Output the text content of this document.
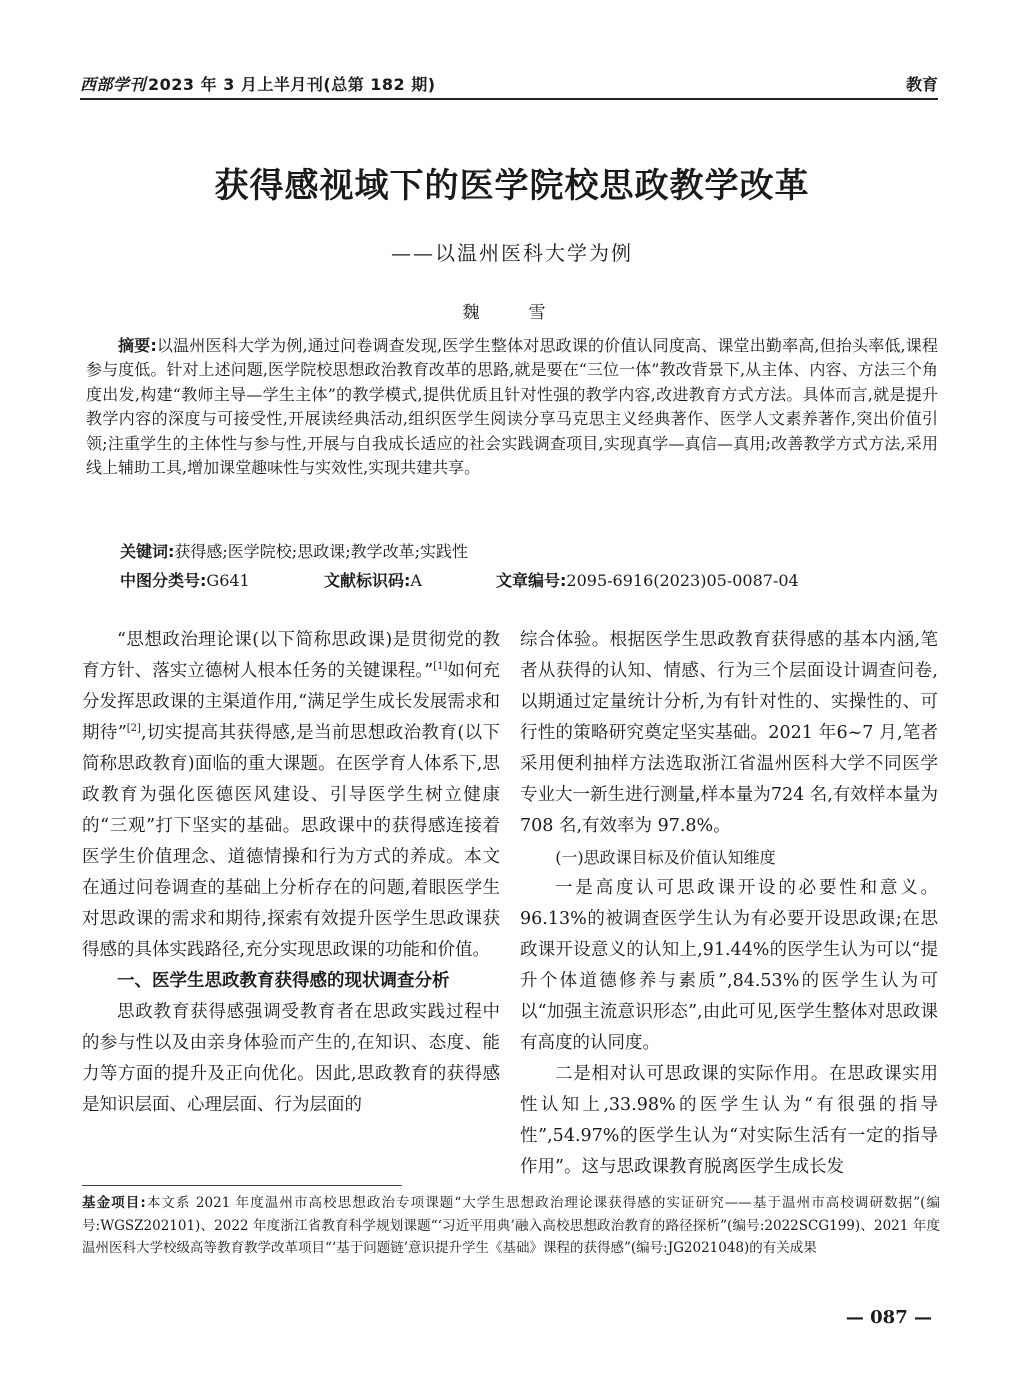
西部学刊 2023 年 3 月上半月刊(总第 182 期)	教育
获得感视域下的医学院校思政教学改革
——以温州医科大学为例
魏　雪

摘要:以温州医科大学为例,通过问卷调查发现,医学生整体对思政课的价值认同度高、课堂出勤率高,但抬头率低,课程参与度低。针对上述问题,医学院校思想政治教育改革的思路,就是要在“三位一体”教改背景下,从主体、内容、方法三个角度出发,构建“教师主导—学生主体”的教学模式,提供优质且针对性强的教学内容,改进教育方式方法。具体而言,就是提升教学内容的深度与可接受性,开展读经典活动,组织医学生阅读分享马克思主义经典著作、医学人文素养著作,突出价值引领;注重学生的主体性与参与性,开展与自我成长适应的社会实践调查项目,实现真学—真信—真用;改善教学方式方法,采用线上辅助工具,增加课堂趣味性与实效性,实现共建共享。

关键词:获得感;医学院校;思政课;教学改革;实践性
中图分类号:G641	文献标识码:A	文章编号:2095-6916(2023)05-0087-04

“思想政治理论课(以下简称思政课)是贯彻党的教育方针、落实立德树人根本任务的关键课程。”[1]如何充分发挥思政课的主渠道作用,“满足学生成长发展需求和期待”[2],切实提高其获得感,是当前思想政治教育(以下简称思政教育)面临的重大课题。在医学育人体系下,思政教育为强化医德医风建设、引导医学生树立健康的“三观”打下坚实的基础。思政课中的获得感连接着医学生价值理念、道德情操和行为方式的养成。本文在通过问卷调查的基础上分析存在的问题,着眼医学生对思政课的需求和期待,探索有效提升医学生思政课获得感的具体实践路径,充分实现思政课的功能和价值。

一、医学生思政教育获得感的现状调查分析

思政教育获得感强调受教育者在思政实践过程中的参与性以及由亲身体验而产生的,在知识、态度、能力等方面的提升及正向优化。因此,思政教育的获得感是知识层面、心理层面、行为层面的

综合体验。根据医学生思政教育获得感的基本内涵,笔者从获得的认知、情感、行为三个层面设计调查问卷,以期通过定量统计分析,为有针对性的、实操性的、可行性的策略研究奠定坚实基础。2021 年6~7 月,笔者采用便利抽样方法选取浙江省温州医科大学不同医学专业大一新生进行测量,样本量为724 名,有效样本量为 708 名,有效率为 97.8%。

(一)思政课目标及价值认知维度

一是高度认可思政课开设的必要性和意义。96.13%的被调查医学生认为有必要开设思政课;在思政课开设意义的认知上,91.44%的医学生认为可以“提升个体道德修养与素质”,84.53%的医学生认为可以“加强主流意识形态”,由此可见,医学生整体对思政课有高度的认同度。

二是相对认可思政课的实际作用。在思政课实用性认知上,33.98%的医学生认为“有很强的指导性”,54.97%的医学生认为“对实际生活有一定的指导作用”。这与思政课教育脱离医学生成长发

基金项目:本文系 2021 年度温州市高校思想政治专项课题“大学生思想政治理论课获得感的实证研究——基于温州市高校调研数据”(编号:WGSZ202101)、2022 年度浙江省教育科学规划课题“‘习近平用典’融入高校思想政治教育的路径探析”(编号:2022SCG199)、2021 年度温州医科大学校级高等教育教学改革项目“‘基于问题链’意识提升学生《基础》课程的获得感”(编号:JG2021048)的有关成果
— 087 —
